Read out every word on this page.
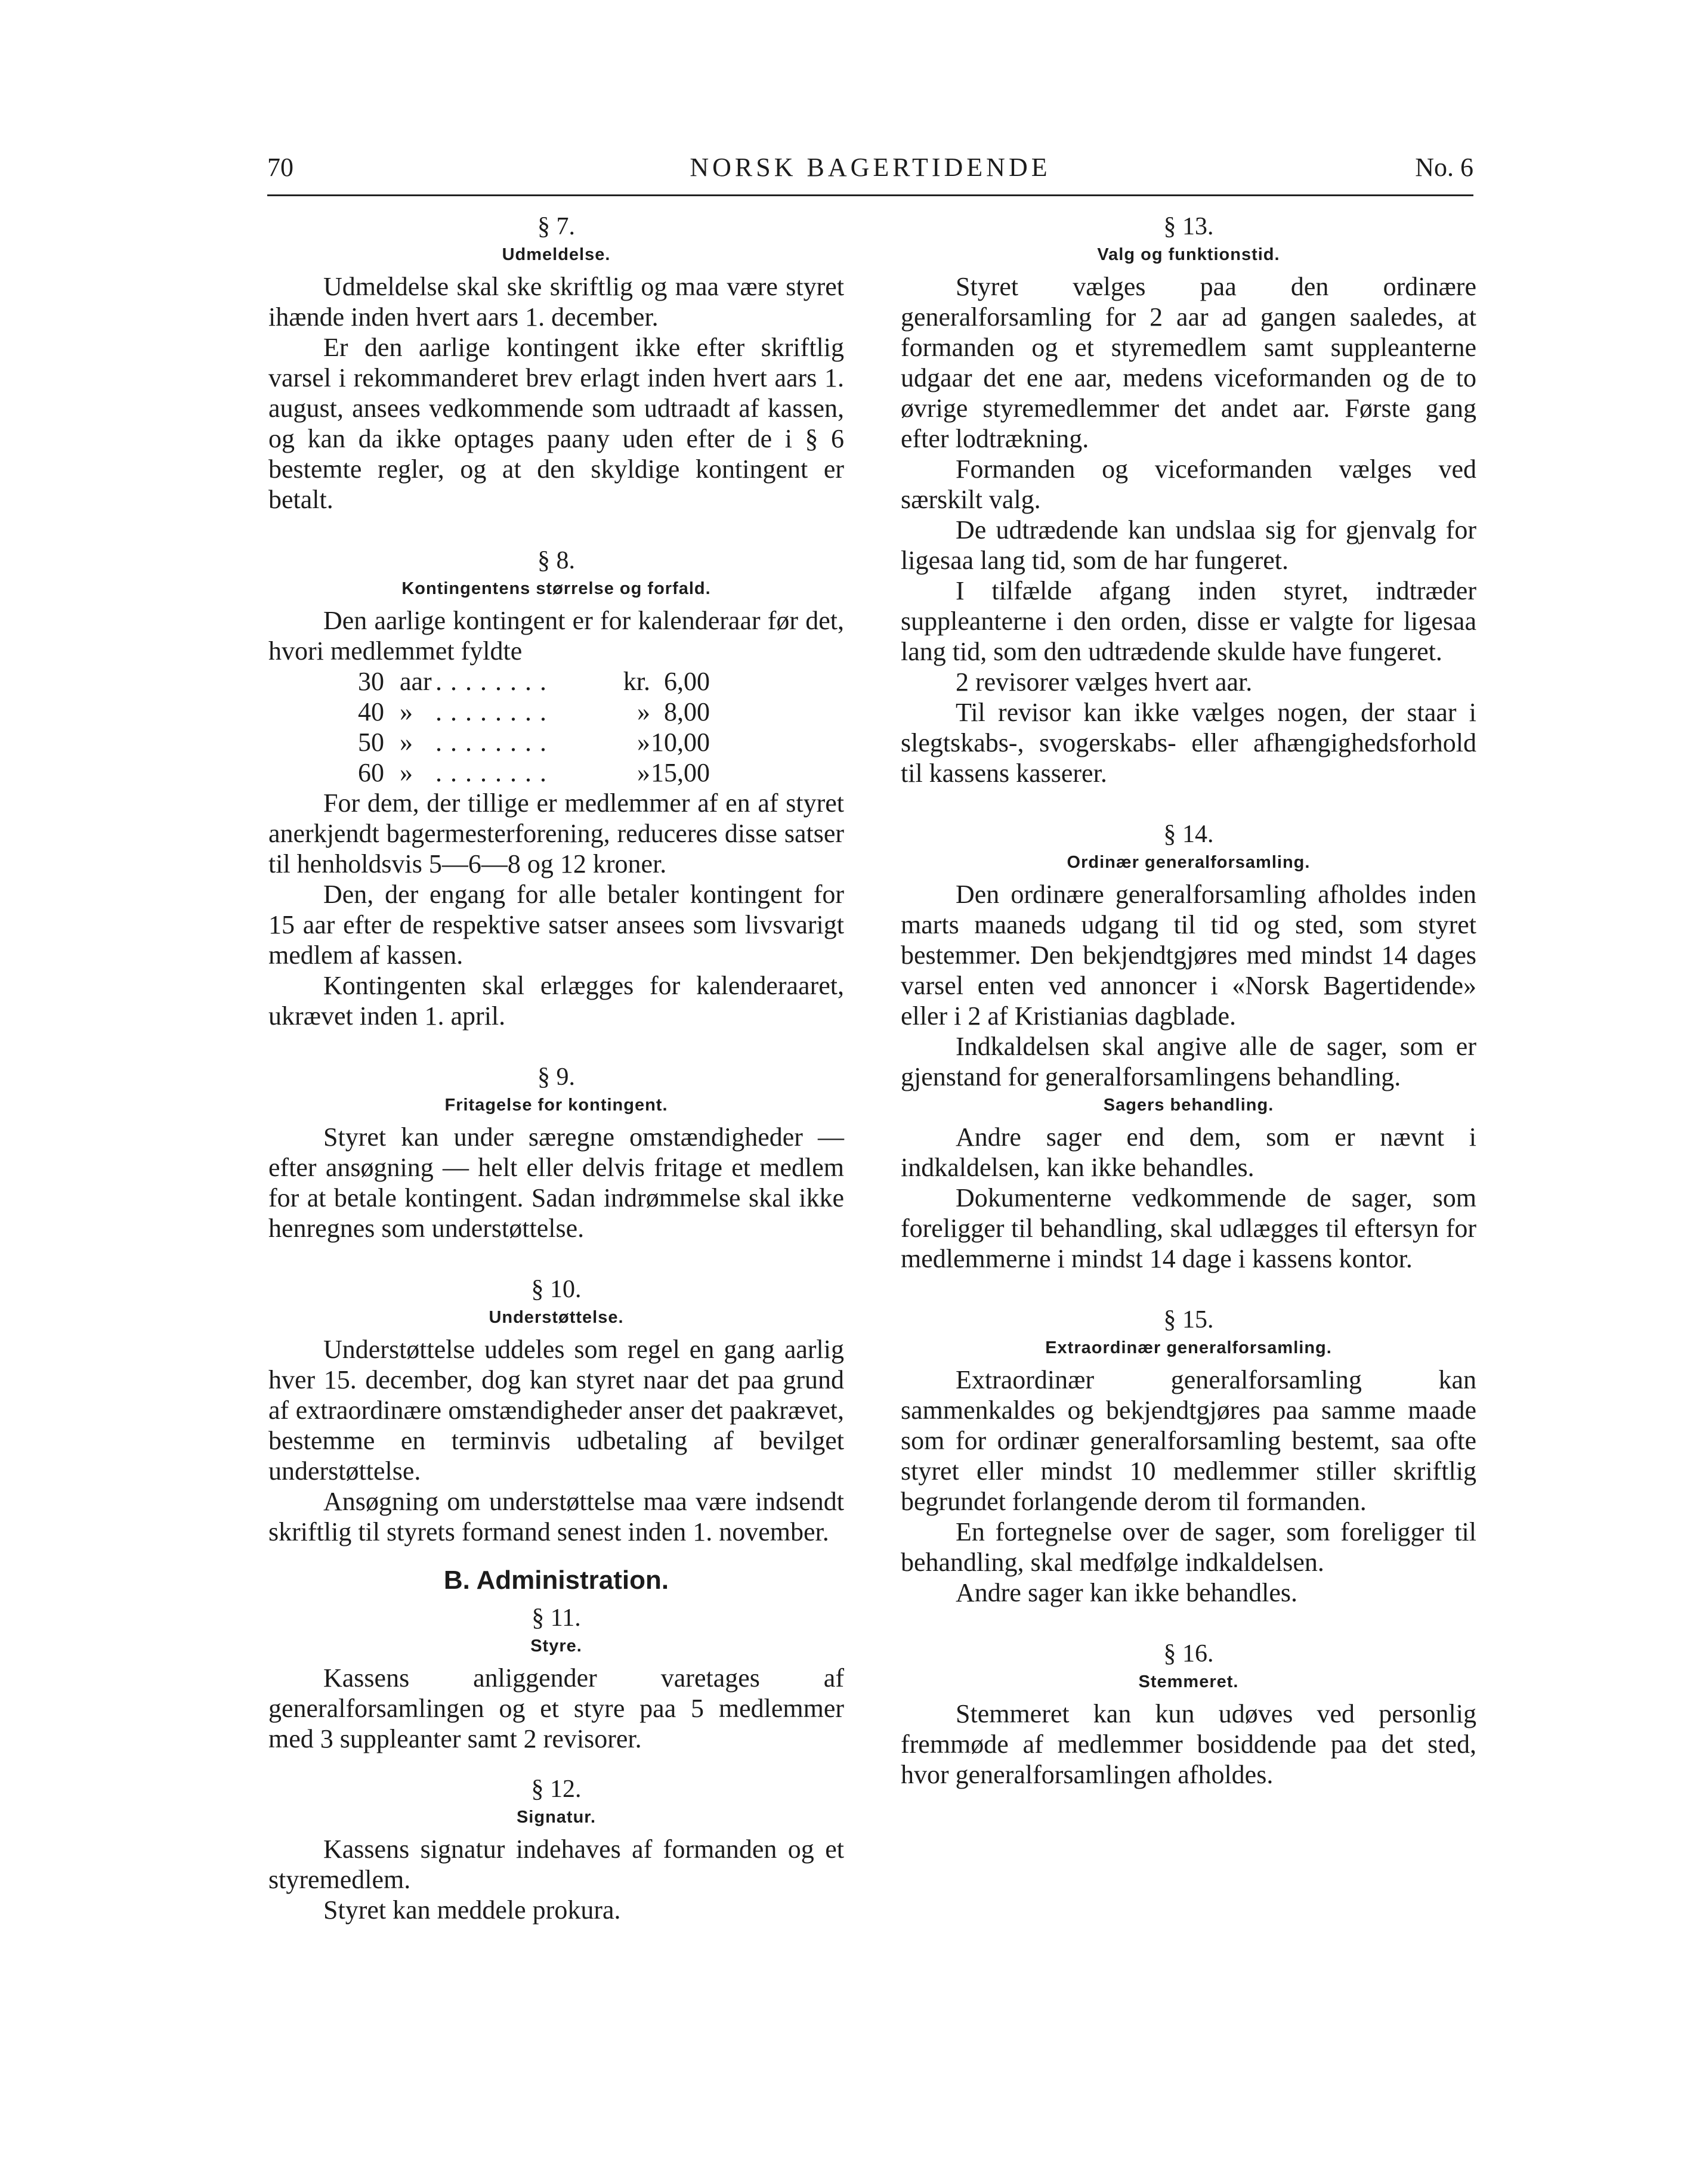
70	NORSK BAGERTIDENDE	No. 6

§ 7.

Udmeldelse.

Udmeldelse skal ske skriftlig og maa være styret ihænde inden hvert aars 1. december.

Er den aarlige kontingent ikke efter skriftlig varsel i rekommanderet brev erlagt inden hvert aars 1. august, ansees vedkommende som udtraadt af kassen, og kan da ikke optages paany uden efter de i § 6 bestemte regler, og at den skyldige kontingent er betalt.

§ 8.

Kontingentens størrelse og forfald.

Den aarlige kontingent er for kalenderaar før det, hvori medlemmet fyldte

30 aar ........	kr. 6,00
40 » ........	» 8,00
50 » ........	» 10,00
60 » ........	» 15,00

For dem, der tillige er medlemmer af en af styret anerkjendt bagermesterforening, reduceres disse satser til henholdsvis 5—6—8 og 12 kroner.

Den, der engang for alle betaler kontingent for 15 aar efter de respektive satser ansees som livsvarigt medlem af kassen.

Kontingenten skal erlægges for kalenderaaret, ukrævet inden 1. april.

§ 9.

Fritagelse for kontingent.

Styret kan under særegne omstændigheder — efter ansøgning — helt eller delvis fritage et medlem for at betale kontingent. Sadan indrømmelse skal ikke henregnes som understøttelse.

§ 10.

Understøttelse.

Understøttelse uddeles som regel en gang aarlig hver 15. december, dog kan styret naar det paa grund af extraordinære omstændigheder anser det paakrævet, bestemme en terminvis udbetaling af bevilget understøttelse.

Ansøgning om understøttelse maa være indsendt skriftlig til styrets formand senest inden 1. november.

B. Administration.

§ 11.

Styre.

Kassens anliggender varetages af generalforsamlingen og et styre paa 5 medlemmer med 3 suppleanter samt 2 revisorer.

§ 12.

Signatur.

Kassens signatur indehaves af formanden og et styremedlem.

Styret kan meddele prokura.

§ 13.

Valg og funktionstid.

Styret vælges paa den ordinære generalforsamling for 2 aar ad gangen saaledes, at formanden og et styremedlem samt suppleanterne udgaar det ene aar, medens viceformanden og de to øvrige styremedlemmer det andet aar. Første gang efter lodtrækning.

Formanden og viceformanden vælges ved særskilt valg.

De udtrædende kan undslaa sig for gjenvalg for ligesaa lang tid, som de har fungeret.

I tilfælde afgang inden styret, indtræder suppleanterne i den orden, disse er valgte for ligesaa lang tid, som den udtrædende skulde have fungeret.

2 revisorer vælges hvert aar.

Til revisor kan ikke vælges nogen, der staar i slegtskabs-, svogerskabs- eller afhængighedsforhold til kassens kasserer.

§ 14.

Ordinær generalforsamling.

Den ordinære generalforsamling afholdes inden marts maaneds udgang til tid og sted, som styret bestemmer. Den bekjendtgjøres med mindst 14 dages varsel enten ved annoncer i «Norsk Bagertidende» eller i 2 af Kristianias dagblade.

Indkaldelsen skal angive alle de sager, som er gjenstand for generalforsamlingens behandling.

Sagers behandling.

Andre sager end dem, som er nævnt i indkaldelsen, kan ikke behandles.

Dokumenterne vedkommende de sager, som foreligger til behandling, skal udlægges til eftersyn for medlemmerne i mindst 14 dage i kassens kontor.

§ 15.

Extraordinær generalforsamling.

Extraordinær generalforsamling kan sammenkaldes og bekjendtgjøres paa samme maade som for ordinær generalforsamling bestemt, saa ofte styret eller mindst 10 medlemmer stiller skriftlig begrundet forlangende derom til formanden.

En fortegnelse over de sager, som foreligger til behandling, skal medfølge indkaldelsen.

Andre sager kan ikke behandles.

§ 16.

Stemmeret.

Stemmeret kan kun udøves ved personlig fremmøde af medlemmer bosiddende paa det sted, hvor generalforsamlingen afholdes.
